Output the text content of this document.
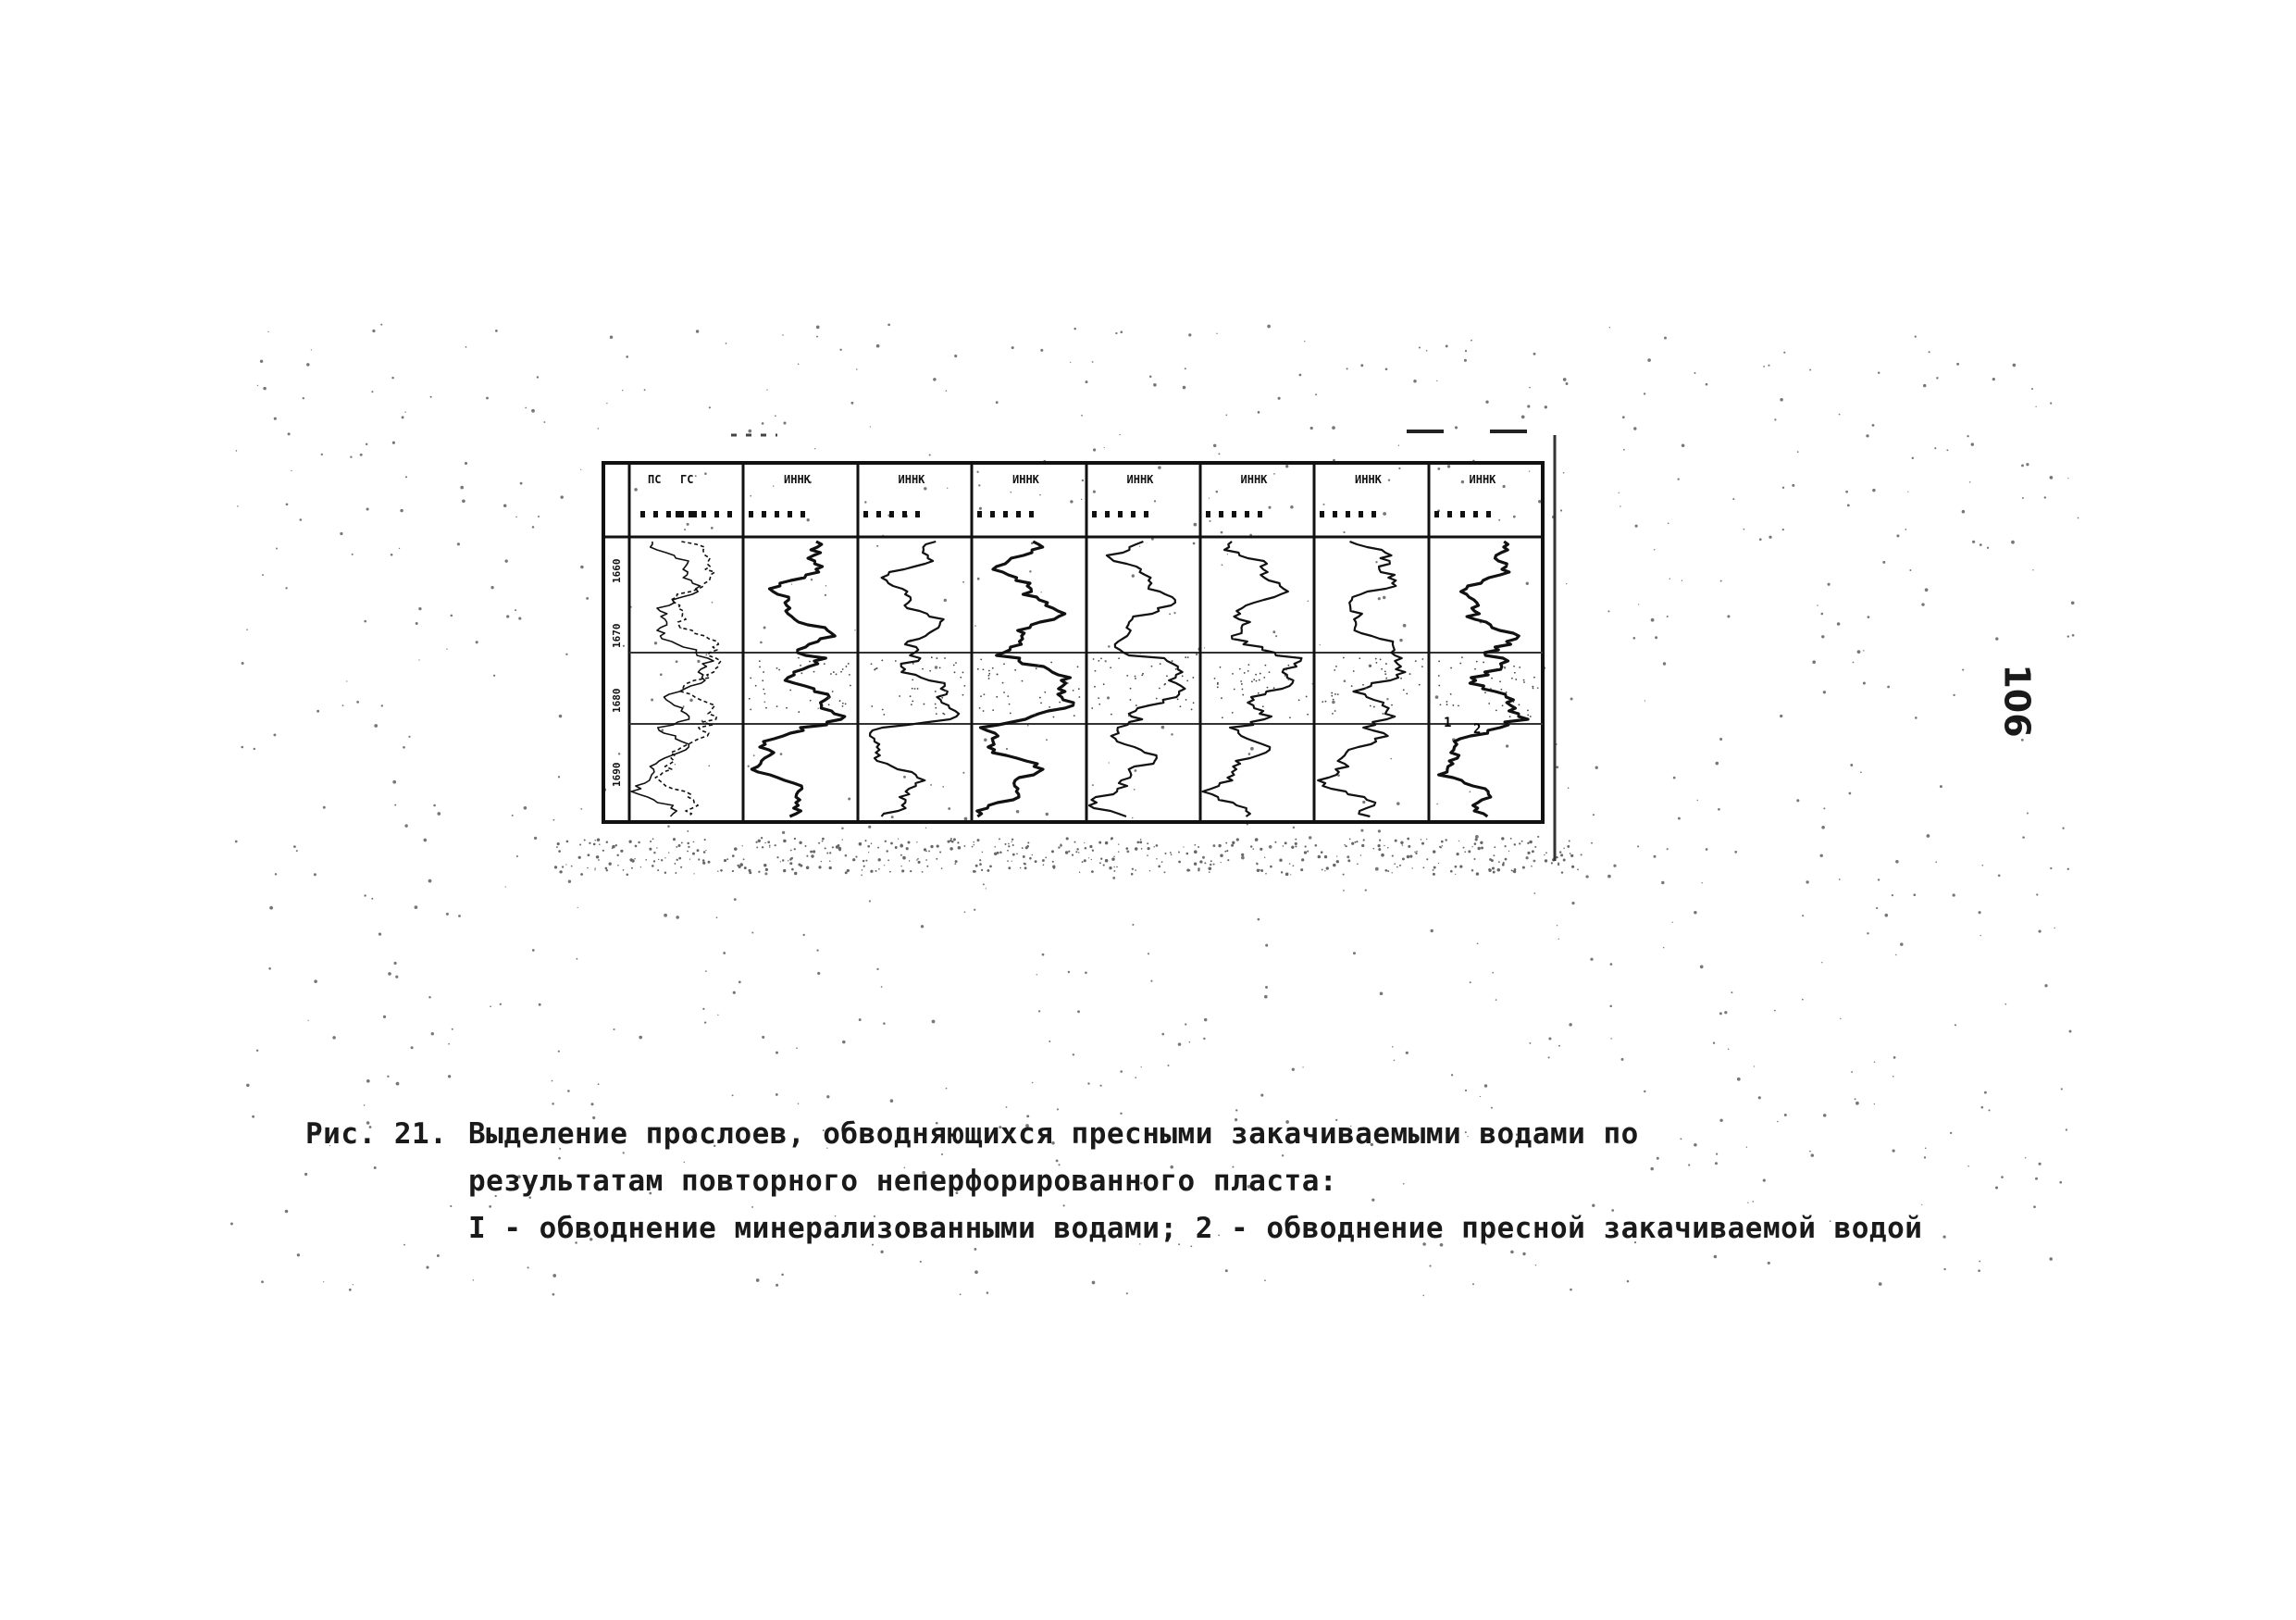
ПС ГС	ИННК	ИННК	ИННК	ИННК	ИННК	ИННК	ИННК
1660
1670
1680
1690
1 2
Рис. 21. Выделение прослоев, обводняющихся пресными закачиваемыми водами по
результатам повторного неперфорированного пласта:
I - обводнение минерализованными водами; 2 - обводнение пресной закачиваемой водой
106
